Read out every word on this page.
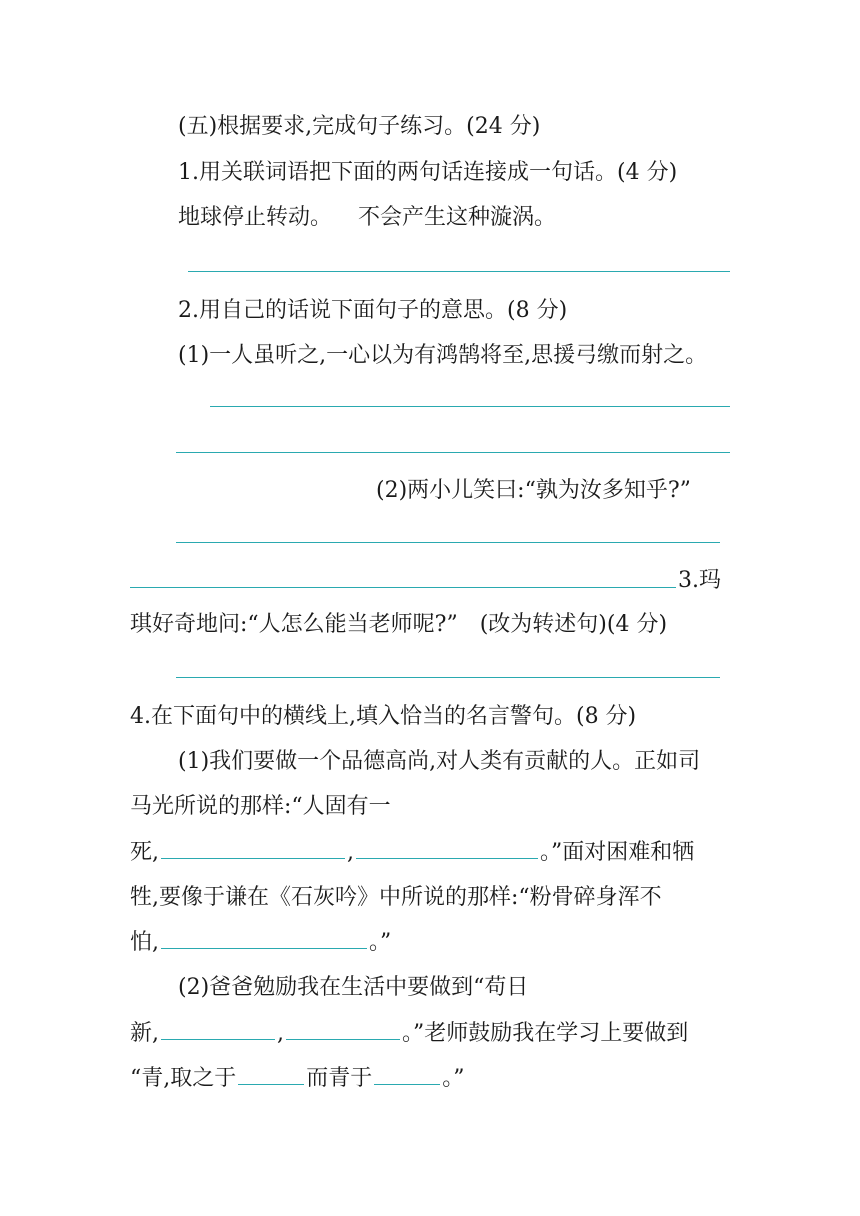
(五)根据要求,完成句子练习。(24 分)
1.用关联词语把下面的两句话连接成一句话。(4 分)
地球停止转动。 不会产生这种漩涡。
2.用自己的话说下面句子的意思。(8 分)
(1)一人虽听之,一心以为有鸿鹄将至,思援弓缴而射之。
(2)两小儿笑曰:“孰为汝多知乎?”
3.玛
琪好奇地问:“人怎么能当老师呢?”　(改为转述句)(4 分)
4.在下面句中的横线上,填入恰当的名言警句。(8 分)
(1)我们要做一个品德高尚,对人类有贡献的人。正如司
马光所说的那样:“人固有一
死,	,	。”面对困难和牺
牲,要像于谦在《石灰吟》中所说的那样:“粉骨碎身浑不
怕,	。”
(2)爸爸勉励我在生活中要做到“苟日
新,	,	。”老师鼓励我在学习上要做到
“青,取之于	而青于	。”
